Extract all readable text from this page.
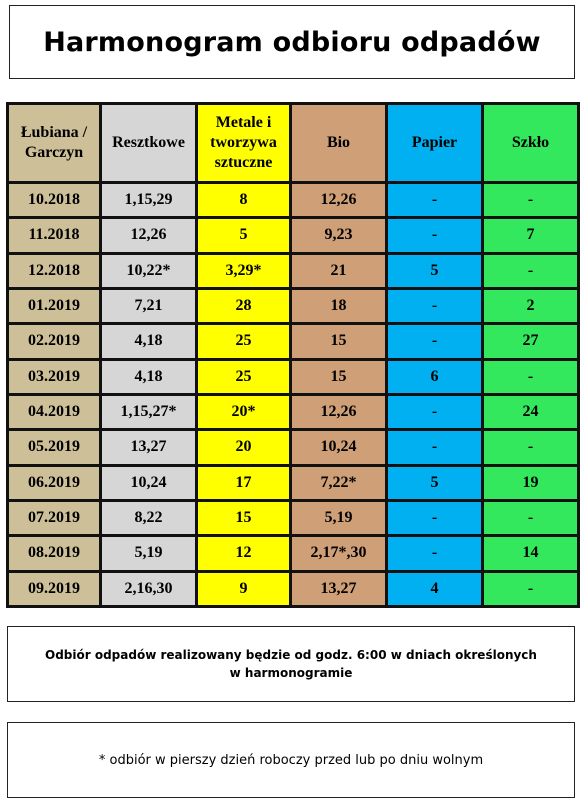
Harmonogram odbioru odpadów
Łubiana /
Garczyn	Resztkowe	Metale i
tworzywa
sztuczne	Bio	Papier	Szkło
10.2018	1,15,29	8	12,26	-	-
11.2018	12,26	5	9,23	-	7
12.2018	10,22*	3,29*	21	5	-
01.2019	7,21	28	18	-	2
02.2019	4,18	25	15	-	27
03.2019	4,18	25	15	6	-
04.2019	1,15,27*	20*	12,26	-	24
05.2019	13,27	20	10,24	-	-
06.2019	10,24	17	7,22*	5	19
07.2019	8,22	15	5,19	-	-
08.2019	5,19	12	2,17*,30	-	14
09.2019	2,16,30	9	13,27	4	-
Odbiór odpadów realizowany będzie od godz. 6:00 w dniach określonych w harmonogramie
* odbiór w pierszy dzień roboczy przed lub po dniu wolnym
